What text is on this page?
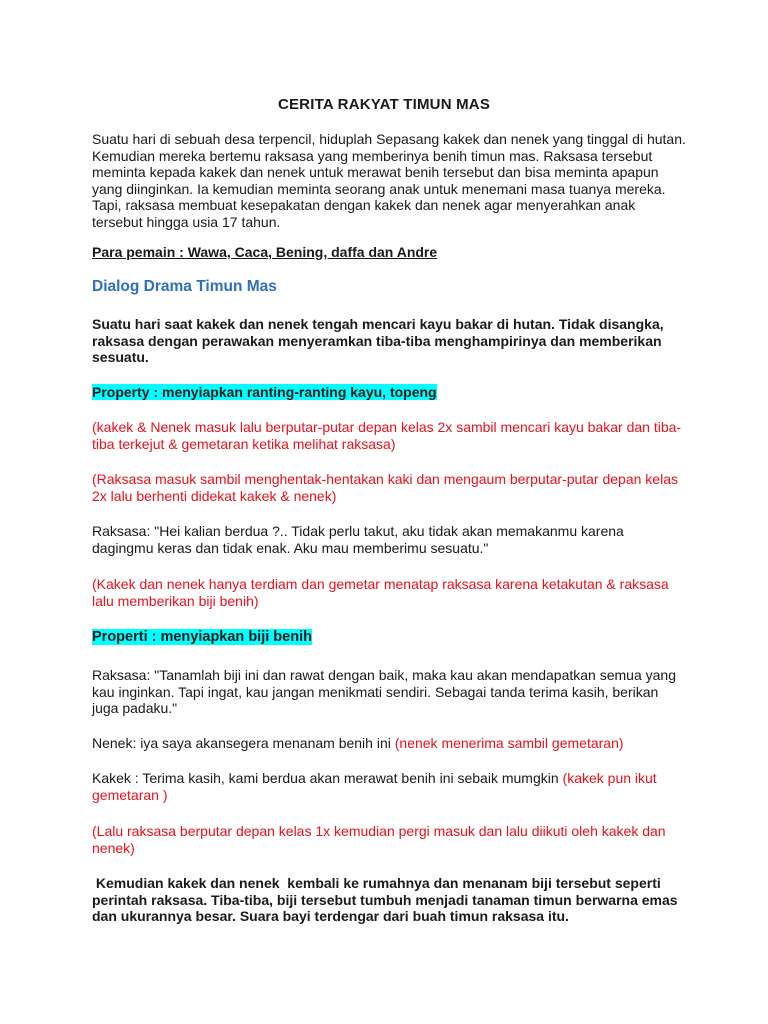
CERITA RAKYAT TIMUN MAS
Suatu hari di sebuah desa terpencil, hiduplah Sepasang kakek dan nenek yang tinggal di hutan.
Kemudian mereka bertemu raksasa yang memberinya benih timun mas. Raksasa tersebut
meminta kepada kakek dan nenek untuk merawat benih tersebut dan bisa meminta apapun
yang diinginkan. Ia kemudian meminta seorang anak untuk menemani masa tuanya mereka.
Tapi, raksasa membuat kesepakatan dengan kakek dan nenek agar menyerahkan anak
tersebut hingga usia 17 tahun.
Para pemain : Wawa, Caca, Bening, daffa dan Andre
Dialog Drama Timun Mas
Suatu hari saat kakek dan nenek tengah mencari kayu bakar di hutan. Tidak disangka,
raksasa dengan perawakan menyeramkan tiba-tiba menghampirinya dan memberikan
sesuatu.
Property : menyiapkan ranting-ranting kayu, topeng
(kakek & Nenek masuk lalu berputar-putar depan kelas 2x sambil mencari kayu bakar dan tiba-
tiba terkejut & gemetaran ketika melihat raksasa)
(Raksasa masuk sambil menghentak-hentakan kaki dan mengaum berputar-putar depan kelas
2x lalu berhenti didekat kakek & nenek)
Raksasa: "Hei kalian berdua ?.. Tidak perlu takut, aku tidak akan memakanmu karena
dagingmu keras dan tidak enak. Aku mau memberimu sesuatu."
(Kakek dan nenek hanya terdiam dan gemetar menatap raksasa karena ketakutan & raksasa
lalu memberikan biji benih)
Properti : menyiapkan biji benih
Raksasa: "Tanamlah biji ini dan rawat dengan baik, maka kau akan mendapatkan semua yang
kau inginkan. Tapi ingat, kau jangan menikmati sendiri. Sebagai tanda terima kasih, berikan
juga padaku."
Nenek: iya saya akansegera menanam benih ini (nenek menerima sambil gemetaran)
Kakek : Terima kasih, kami berdua akan merawat benih ini sebaik mumgkin (kakek pun ikut
gemetaran )
(Lalu raksasa berputar depan kelas 1x kemudian pergi masuk dan lalu diikuti oleh kakek dan
nenek)
Kemudian kakek dan nenek  kembali ke rumahnya dan menanam biji tersebut seperti
perintah raksasa. Tiba-tiba, biji tersebut tumbuh menjadi tanaman timun berwarna emas
dan ukurannya besar. Suara bayi terdengar dari buah timun raksasa itu.
